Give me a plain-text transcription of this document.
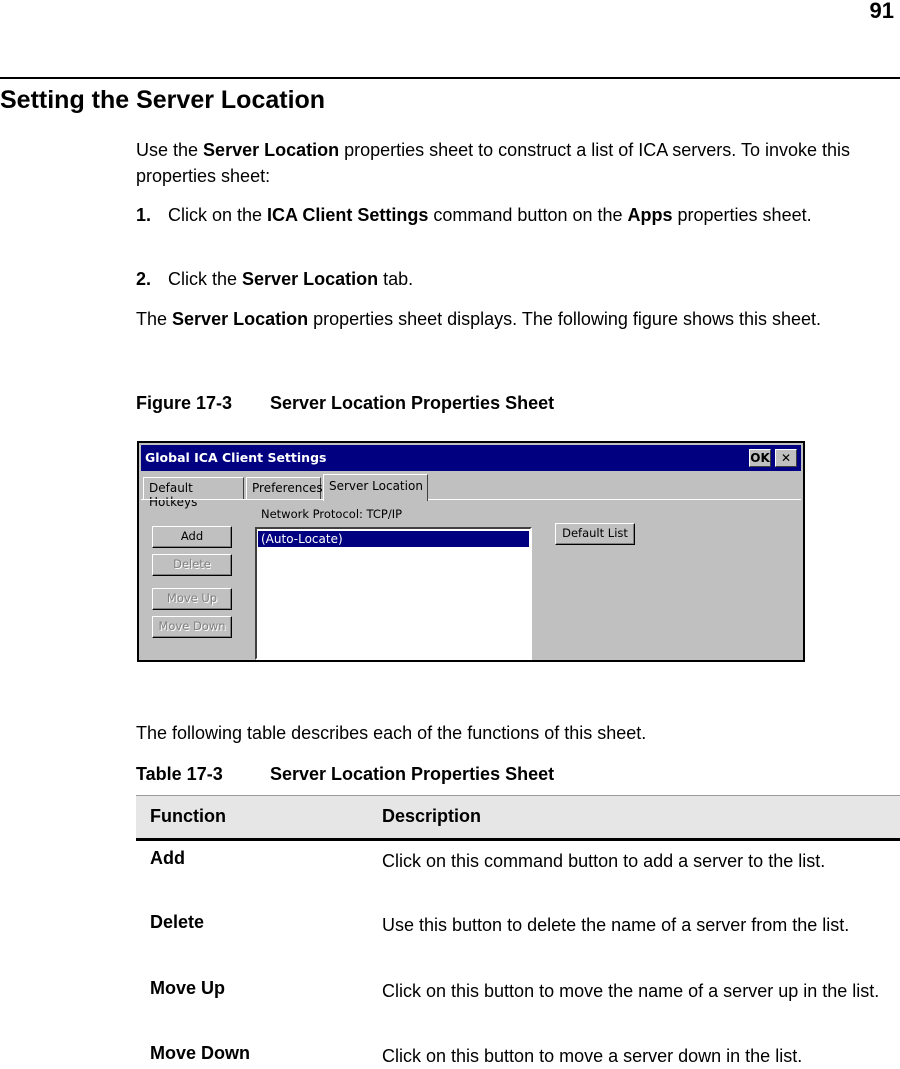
91
Setting the Server Location

Use the Server Location properties sheet to construct a list of ICA servers. To invoke this properties sheet:

1. Click on the ICA Client Settings command button on the Apps properties sheet.
2. Click the Server Location tab.

The Server Location properties sheet displays. The following figure shows this sheet.

Figure 17-3 Server Location Properties Sheet
Global ICA Client Settings	OK ✕
Default Hotkeys
Preferences Server Location
Network Protocol: TCP/IP
Add
Delete
Move Up
Move Down
(Auto-Locate)	Default List
The following table describes each of the functions of this sheet.
Table 17-3	Server Location Properties Sheet
Function	Description
Add	Click on this command button to add a server to the list.
Delete	Use this button to delete the name of a server from the list.
Move Up	Click on this button to move the name of a server up in the list.
Move Down	Click on this button to move a server down in the list.
